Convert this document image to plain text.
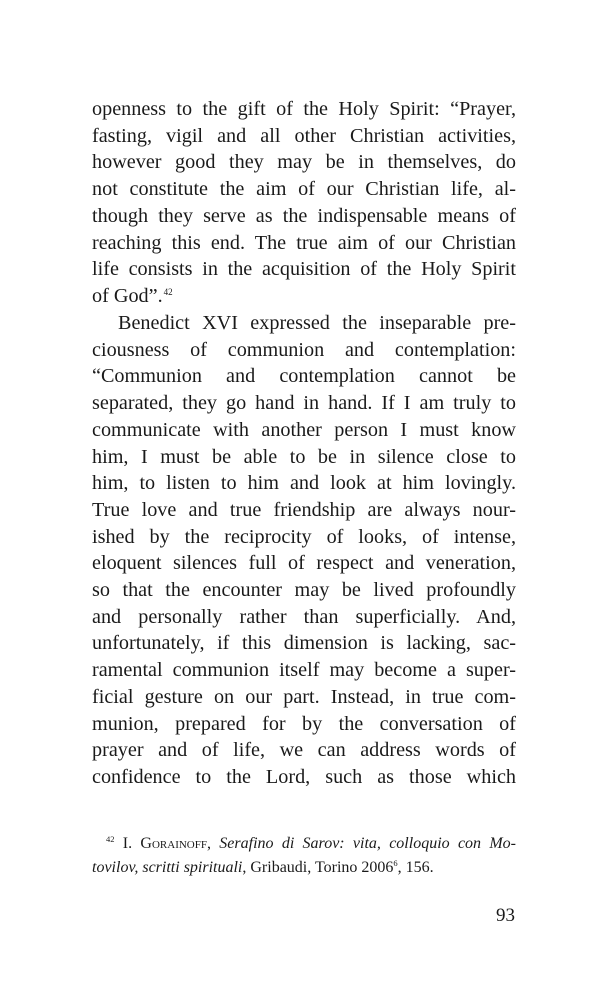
openness to the gift of the Holy Spirit: “Prayer,
fasting, vigil and all other Christian activities,
however good they may be in themselves, do
not constitute the aim of our Christian life, al-
though they serve as the indispensable means of
reaching this end. The true aim of our Christian
life consists in the acquisition of the Holy Spirit
of God”.$^{42}$
Benedict XVI expressed the inseparable pre-
ciousness of communion and contemplation:
“Communion and contemplation cannot be
separated, they go hand in hand. If I am truly to
communicate with another person I must know
him, I must be able to be in silence close to
him, to listen to him and look at him lovingly.
True love and true friendship are always nour-
ished by the reciprocity of looks, of intense,
eloquent silences full of respect and veneration,
so that the encounter may be lived profoundly
and personally rather than superficially. And,
unfortunately, if this dimension is lacking, sac-
ramental communion itself may become a super-
ficial gesture on our part. Instead, in true com-
munion, prepared for by the conversation of
prayer and of life, we can address words of
confidence to the Lord, such as those which
$^{42}$ I. Gorainoff, Serafino di Sarov: vita, colloquio con Mo-
tovilov, scritti spirituali, Gribaudi, Torino 2006$^6$, 156.
93
